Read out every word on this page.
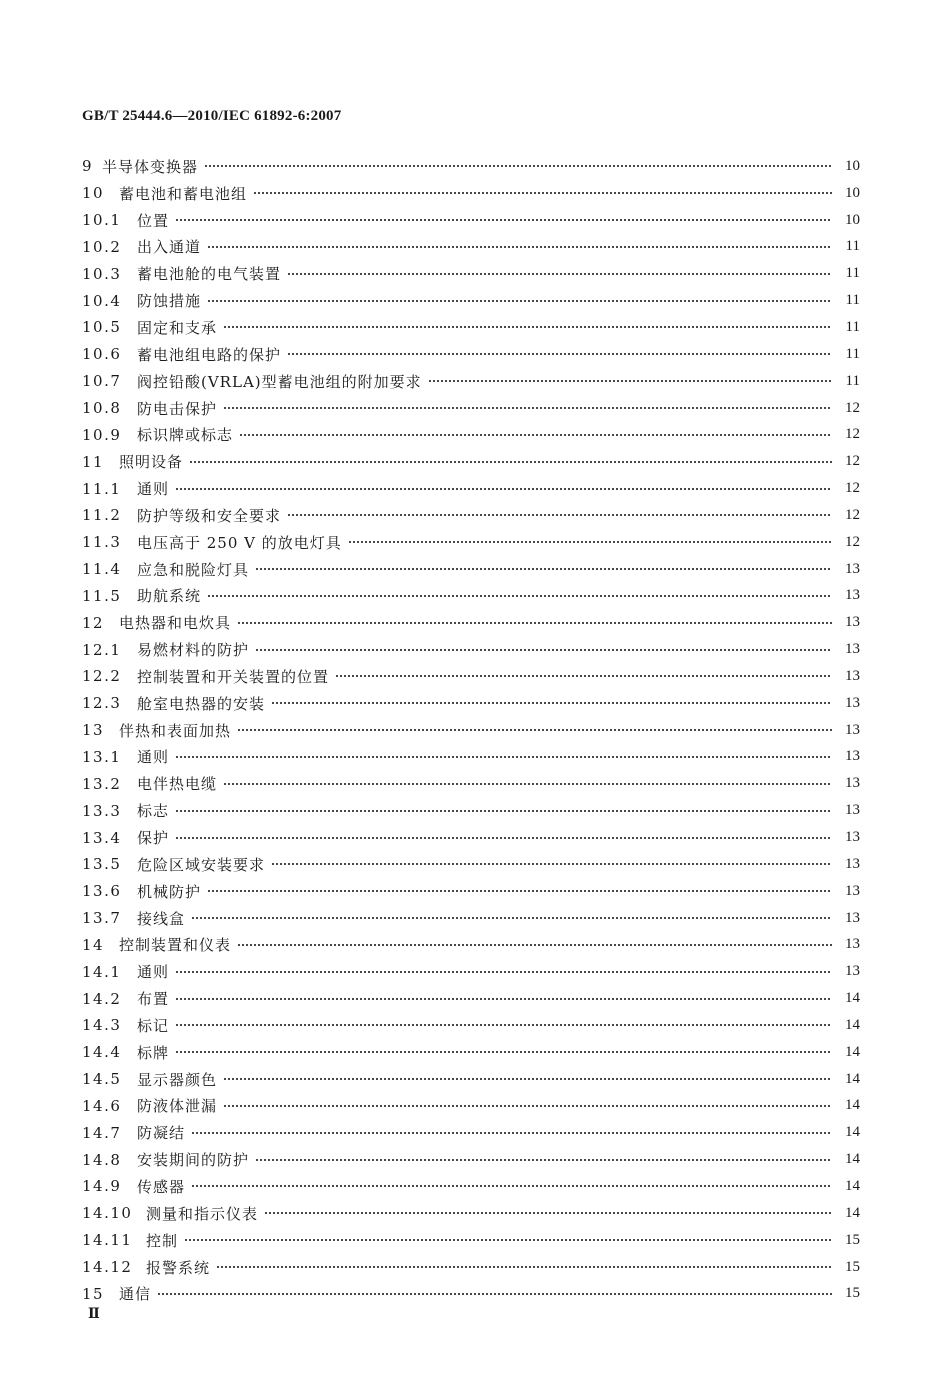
GB/T 25444.6—2010/IEC 61892-6:2007
9 半导体变换器	10
10 蓄电池和蓄电池组	10
10.1	位置	10
10.2	出入通道	11
10.3	蓄电池舱的电气装置	11
10.4	防蚀措施	11
10.5	固定和支承	11
10.6	蓄电池组电路的保护	11
10.7	阀控铅酸(VRLA)型蓄电池组的附加要求	11
10.8	防电击保护	12
10.9	标识牌或标志	12
11 照明设备	12
11.1	通则	12
11.2	防护等级和安全要求	12
11.3	电压高于 250 V 的放电灯具	12
11.4	应急和脱险灯具	13
11.5	助航系统	13
12 电热器和电炊具	13
12.1	易燃材料的防护	13
12.2	控制装置和开关装置的位置	13
12.3	舱室电热器的安装	13
13 伴热和表面加热	13
13.1	通则	13
13.2	电伴热电缆	13
13.3	标志	13
13.4	保护	13
13.5	危险区域安装要求	13
13.6	机械防护	13
13.7	接线盒	13
14 控制装置和仪表	13
14.1	通则	13
14.2	布置	14
14.3	标记	14
14.4	标牌	14
14.5	显示器颜色	14
14.6	防液体泄漏	14
14.7	防凝结	14
14.8	安装期间的防护	14
14.9	传感器	14
14.10 测量和指示仪表	14
14.11 控制	15
14.12 报警系统	15
15 通信	15
Ⅱ
